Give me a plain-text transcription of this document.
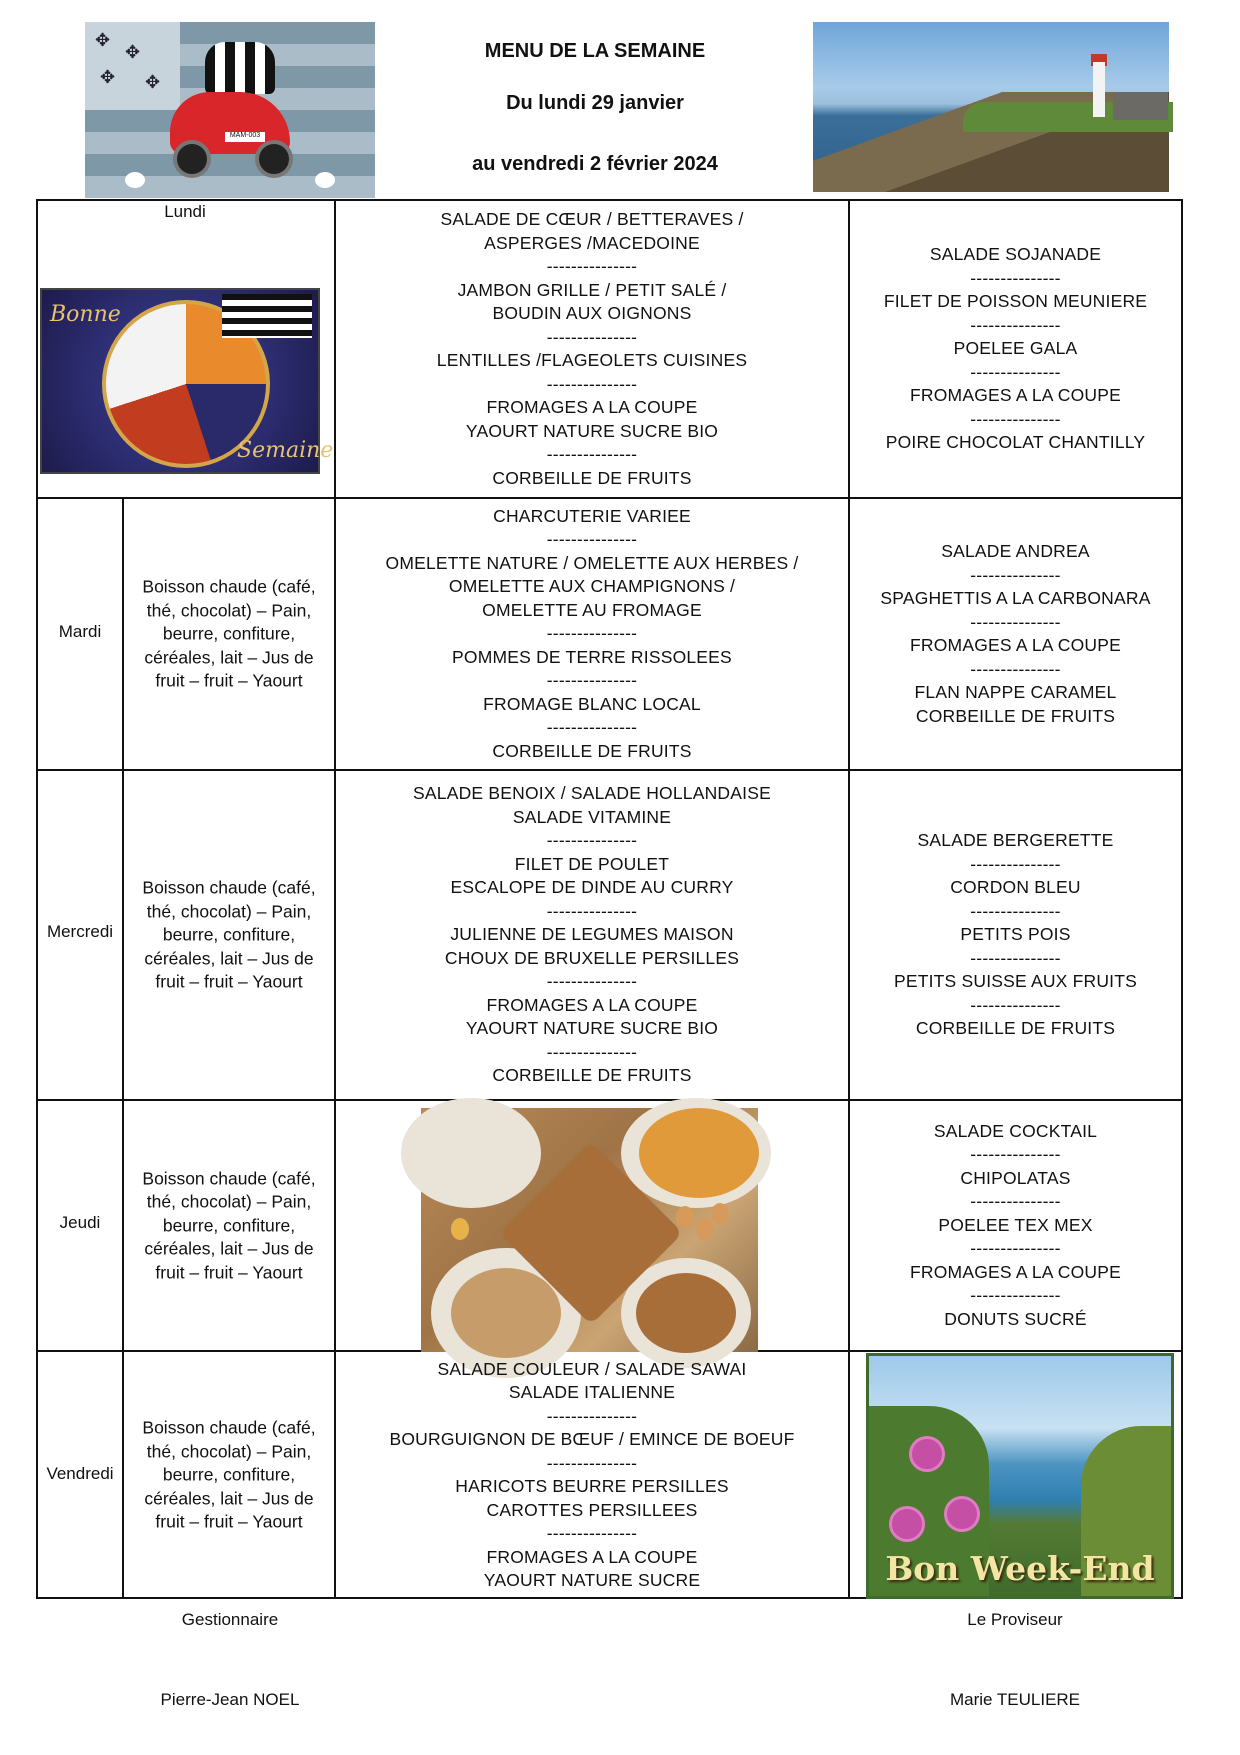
✥
✥
✥ ✥
MAM-003
MENU DE LA SEMAINE
Du lundi 29 janvier
au vendredi 2 février 2024
Lundi
Bonne
Semaine
SALADE DE CŒUR / BETTERAVES /
ASPERGES /MACEDOINE
---------------
JAMBON GRILLE / PETIT SALÉ /
BOUDIN AUX OIGNONS
---------------
LENTILLES /FLAGEOLETS CUISINES
---------------
FROMAGES A LA COUPE
YAOURT NATURE SUCRE BIO
---------------
CORBEILLE DE FRUITS
SALADE SOJANADE
---------------
FILET DE POISSON MEUNIERE
---------------
POELEE GALA
---------------
FROMAGES A LA COUPE
---------------
POIRE CHOCOLAT CHANTILLY
Mardi
Boisson chaude (café,
thé, chocolat) – Pain,
beurre, confiture,
céréales, lait – Jus de
fruit – fruit – Yaourt
CHARCUTERIE VARIEE
---------------
OMELETTE NATURE / OMELETTE AUX HERBES /
OMELETTE AUX CHAMPIGNONS /
OMELETTE AU FROMAGE
---------------
POMMES DE TERRE RISSOLEES
---------------
FROMAGE BLANC LOCAL
---------------
CORBEILLE DE FRUITS
SALADE ANDREA
---------------
SPAGHETTIS A LA CARBONARA
---------------
FROMAGES A LA COUPE
---------------
FLAN NAPPE CARAMEL
CORBEILLE DE FRUITS
Mercredi
Boisson chaude (café,
thé, chocolat) – Pain,
beurre, confiture,
céréales, lait – Jus de
fruit – fruit – Yaourt
SALADE BENOIX / SALADE HOLLANDAISE
SALADE VITAMINE
---------------
FILET DE POULET
ESCALOPE DE DINDE AU CURRY
---------------
JULIENNE DE LEGUMES MAISON
CHOUX DE BRUXELLE PERSILLES
---------------
FROMAGES A LA COUPE
YAOURT NATURE SUCRE BIO
---------------
CORBEILLE DE FRUITS
SALADE BERGERETTE
---------------
CORDON BLEU
---------------
PETITS POIS
---------------
PETITS SUISSE AUX FRUITS
---------------
CORBEILLE DE FRUITS
Jeudi
Boisson chaude (café,
thé, chocolat) – Pain,
beurre, confiture,
céréales, lait – Jus de
fruit – fruit – Yaourt
SALADE COCKTAIL
---------------
CHIPOLATAS
---------------
POELEE TEX MEX
---------------
FROMAGES A LA COUPE
---------------
DONUTS SUCRÉ
Vendredi
Boisson chaude (café,
thé, chocolat) – Pain,
beurre, confiture,
céréales, lait – Jus de
fruit – fruit – Yaourt
SALADE COULEUR / SALADE SAWAI
SALADE ITALIENNE
---------------
BOURGUIGNON DE BŒUF / EMINCE DE BOEUF
---------------
HARICOTS BEURRE PERSILLES
CAROTTES PERSILLEES
---------------
FROMAGES A LA COUPE
YAOURT NATURE SUCRE	Bon Week-End
Gestionnaire
Pierre-Jean NOEL
Le Proviseur
Marie TEULIERE
